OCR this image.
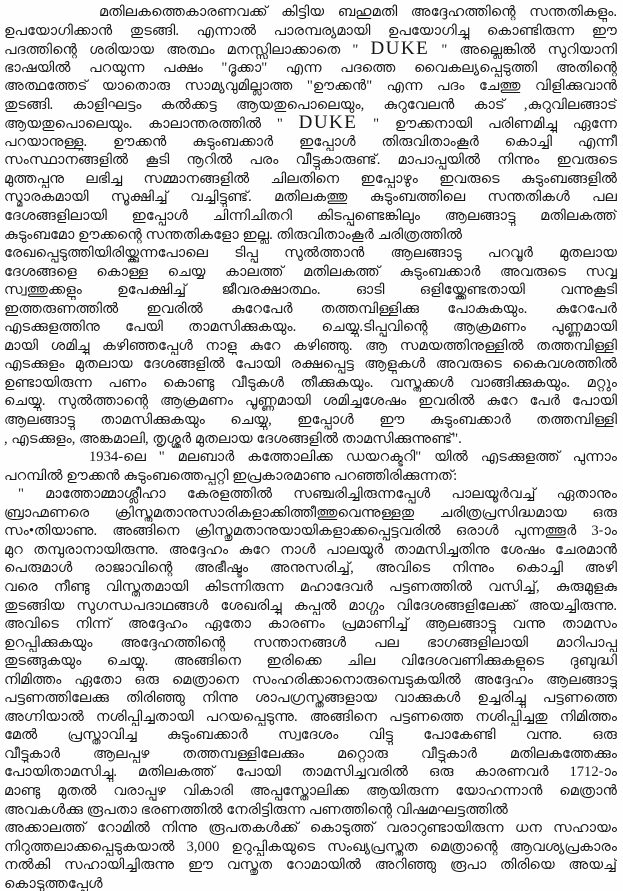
മതിലകത്തെകാരണവക്ക് കിട്ടിയ ബഹുമതി അദ്ദേഹത്തിന്റെ സന്തതികളും.
ഉപയോഗിക്കാൻ തുടങ്ങി. എന്നാൽ പാരമ്പര്യമായി ഉപയോഗിച്ചു കൊണ്ടിരുന്ന ഈ
പദത്തിന്റെ ശരിയായ അത്ഥം മനസ്സിലാക്കാതെ " DUKE " അല്ലെങ്കിൽ സുറിയാനി
ഭാഷയിൽ പറയുന്ന പക്ഷം "ദൂക്കാ" എന്ന പദത്തെ വൈകല്യപ്പെടുത്തി അതിന്റെ
അത്ഥത്തേട് യാതൊരു സാമ്യവുമില്ലാത്ത "ഊക്കൻ" എന്ന പദം ചേത്തു വിളിക്കുവാൻ
തുടങ്ങി. കാളിഘട്ടം കൽക്കട്ട ആയതുപൊലെയും, കുറുവേലൻ കാട് ,കുറുവിലങ്ങാട്
ആയതുപൊലെയും. കാലാന്തരത്തിൽ " DUKE " ഊക്കനായി പരിണമിച്ചു ഏന്നേ
പറയാനുള്ളു. ഊക്കൻ കുടുംബക്കാർ ഇപ്പോൾ തിരുവിതാംകൂർ കൊച്ചി എന്നീ
സംസ്ഥാനങ്ങളിൽ കൂടി നൂറിൽ പരം വീട്ടുകാരുണ്ട്. മാപാപ്പയിൽ നിന്നും ഇവരുടെ
മുത്തപ്പനു ലഭിച്ച സമ്മാനങ്ങളിൽ ചിലതിനെ ഇപ്പോഴും ഇവരുടെ കുടുംബങ്ങളിൽ
സ്മാരകമായി സൂക്ഷിച്ച് വച്ചിട്ടുണ്ട്. മതിലകത്തു കുടുംബത്തിലെ സന്തതികൾ പല
ദേശങ്ങളിലായി ഇപ്പോൾ ചിന്നിചിതറി കിടപ്പുണ്ടെങ്കിലും ആലങ്ങാട്ടു മതിലകത്ത്
കുടുംബമോ ഊക്കന്റെ സന്തതികളോ ഇല്ല. തിരുവിതാംകൂർ ചരിത്രത്തിൽ
രേഖപ്പെടുത്തിയിരിയ്ക്കുന്നപോലെ ടിപ്പു സുൽത്താൻ ആലങ്ങാടു പറവൂർ മുതലായ
ദേശങ്ങളെ കൊള്ള ചെയ്യ കാലത്ത് മതിലകത്ത് കുടുംബക്കാർ അവരുടെ സവ്വ
സ്വത്തുക്കളും ഉപേക്ഷിച്ച് ജീവരക്ഷാത്ഥം. ഓടി ഒളിയ്ക്കേണ്ടതായി വന്നുകൂടി
ഇത്തരുണത്തിൽ ഇവരിൽ കുറേപേർ തത്തമ്പിള്ളിക്കു പോകുകയും. കുറേപേർ
എടക്കുളത്തിനു പേയി താമസിക്കുകയും. ചെയ്യു.ടിപ്പുവിന്റെ ആക്രമണം പുണ്ണമായി
മായി ശമിച്ചു കഴിഞ്ഞപ്പേൾ നാളു കുറേ കഴിഞ്ഞു. ആ സമയത്തിനുള്ളിൽ തത്തമ്പിള്ളി
എടക്കുളം മുതലായ ദേശങ്ങളിൽ പോയി രക്ഷപ്പെട്ട ആളുകൾ അവരുടെ കൈവശത്തിൽ
ഉണ്ടായിരുന്ന പണം കൊണ്ടു വീടുകൾ തീക്കുകയും. വസ്തുക്കൾ വാങ്ങിക്കുകയും. മറ്റും
ചെയ്യു. സുൽത്താന്റെ ആക്രമണം പൂണ്ണമായി ശമിച്ചശേഷം ഇവരിൽ കുറേ പേർ പോയി
ആലങ്ങാട്ടു താമസിക്കുകയും ചെയ്യു, ഇപ്പോൾ ഈ കുടുംബക്കാർ തത്തമ്പിള്ളി
, എടക്കുളം, അങ്കമാലി, തൃശ്ശൂർ മുതലായ ദേശങ്ങളിൽ താമസിക്കുന്നുണ്ട്".
1934-ലെ " മലബാർ കത്തോലിക്ക ഡയറക്ടറി" യിൽ എടക്കുളത്ത് പുന്നാം
പറമ്പിൽ ഊക്കൻ കുടുംബത്തെപ്പറ്റി ഇപ്രകാരമാണു പറഞ്ഞിരിക്കുന്നത്:
" മാത്തോമ്മാശ്ലീഹാ കേരളത്തിൽ സഞ്ചരിച്ചിരുന്നപ്പേൾ പാലയൂർവച്ച് ഏതാനും
ബ്രാഹ്മണരെ ക്രിസ്തുമതാനുസാരികളാക്കിത്തീത്തുവെന്നുള്ളതു ചരിത്രപ്രസിദ്ധമായ ഒരു
സം•തിയാണു. അങ്ങിനെ ക്രിസ്തുമതാനുയായികളാക്കപ്പെട്ടവരിൽ ഒരാൾ പുന്നത്തൂർ 3-ാം
മുറ തമ്പുരാനായിരുന്നു. അദ്ദേഹം കുറേ നാൾ പാലയൂർ താമസിച്ചതിനു ശേഷം ചേരമാൻ
പെരുമാൾ രാജാവിന്റെ അഭീഷ്ടം അനുസരിച്ച്, അവിടെ നിന്നും കൊച്ചി അഴി
വരെ നീണ്ടു വിസ്തൃതമായി കിടന്നിരുന്ന മഹാദേവർ പട്ടണത്തിൽ വസിച്ച്, കുരുമുളകു
തുടങ്ങിയ സുഗന്ധപദാഥങ്ങൾ ശേഖരിച്ചു കപ്പൽ മാഗ്ഗം വിദേശങ്ങളിലേക്ക് അയച്ചിരുന്നു.
അവിടെ നിന്ന് അദ്ദേഹം ഏതോ കാരണം പ്രമാണിച്ച് ആലങ്ങാട്ടു വന്നു താമസം
ഉറപ്പിക്കുകയും അദ്ദേഹത്തിന്റെ സന്താനങ്ങൾ പല ഭാഗങ്ങളിലായി മാറിപാപ്പു
തുടങ്ങുകയും ചെയ്യു. അങ്ങിനെ ഇരിക്കെ ചില വിദേശവണിക്കുകളുടെ ദുബുദ്ധി
നിമിത്തം ഏതോ ഒരു മെത്രാനെ സംഹരിക്കാനൊരുമ്പെടുകയിൽ അദ്ദേഹം ആലങ്ങാട്ടു
പട്ടണത്തിലേക്കു തിരിഞ്ഞു നിന്നു ശാപഗ്രസ്തങ്ങളായ വാക്കുകൾ ഉച്ചരിച്ചു പട്ടണത്തെ
അഗ്നിയാൽ നശിപ്പിച്ചതായി പറയപ്പെടുന്നു. അങ്ങിനെ പട്ടണത്തെ നശിപ്പിച്ചതു നിമിത്തം
മേൽ പ്രസ്താവിച്ച കുടുംബക്കാർ സ്വദേശം വിട്ടു പോകേണ്ടി വന്നു. ഒരു
വീട്ടുകാർ ആലപ്പുഴ തത്തമ്പള്ളിലേക്കും മറ്റൊരു വീട്ടുകാർ മതിലകത്തേക്കും
പോയിതാമസിച്ചു. മതിലകത്ത് പോയി താമസിച്ചവരിൽ ഒരു കാരണവർ 1712-ാം
മാണ്ടു മുതൽ വരാപ്പുഴ വികാരി അപ്പസ്തോലിക്ക ആയിരുന്ന യോഹന്നാൻ മെത്രാൻ
അവകൾക്കു രൂപതാ ഭരണത്തിൽ നേരിട്ടിരുന്ന പണത്തിന്റെ വിഷമഘട്ടത്തിൽ
അക്കാലത്ത് റോമിൽ നിന്നു രൂപതകൾക്ക് കൊടുത്ത് വരാറുണ്ടായിരുന്ന ധന സഹായം
നിറുത്തലാക്കപ്പെടുകയാൽ 3,000 ഉറുപ്പികയുടെ സംഖ്യപ്രസ്തുത മെത്രാന്റെ ആവശ്യപ്രകാരം
നൽകി സഹായിച്ചിരുന്നു ഈ വസ്തുത റോമായിൽ അറിഞ്ഞു രൂപാ തിരിയെ അയച്ച്
കൊടുത്തപ്പേൾ
